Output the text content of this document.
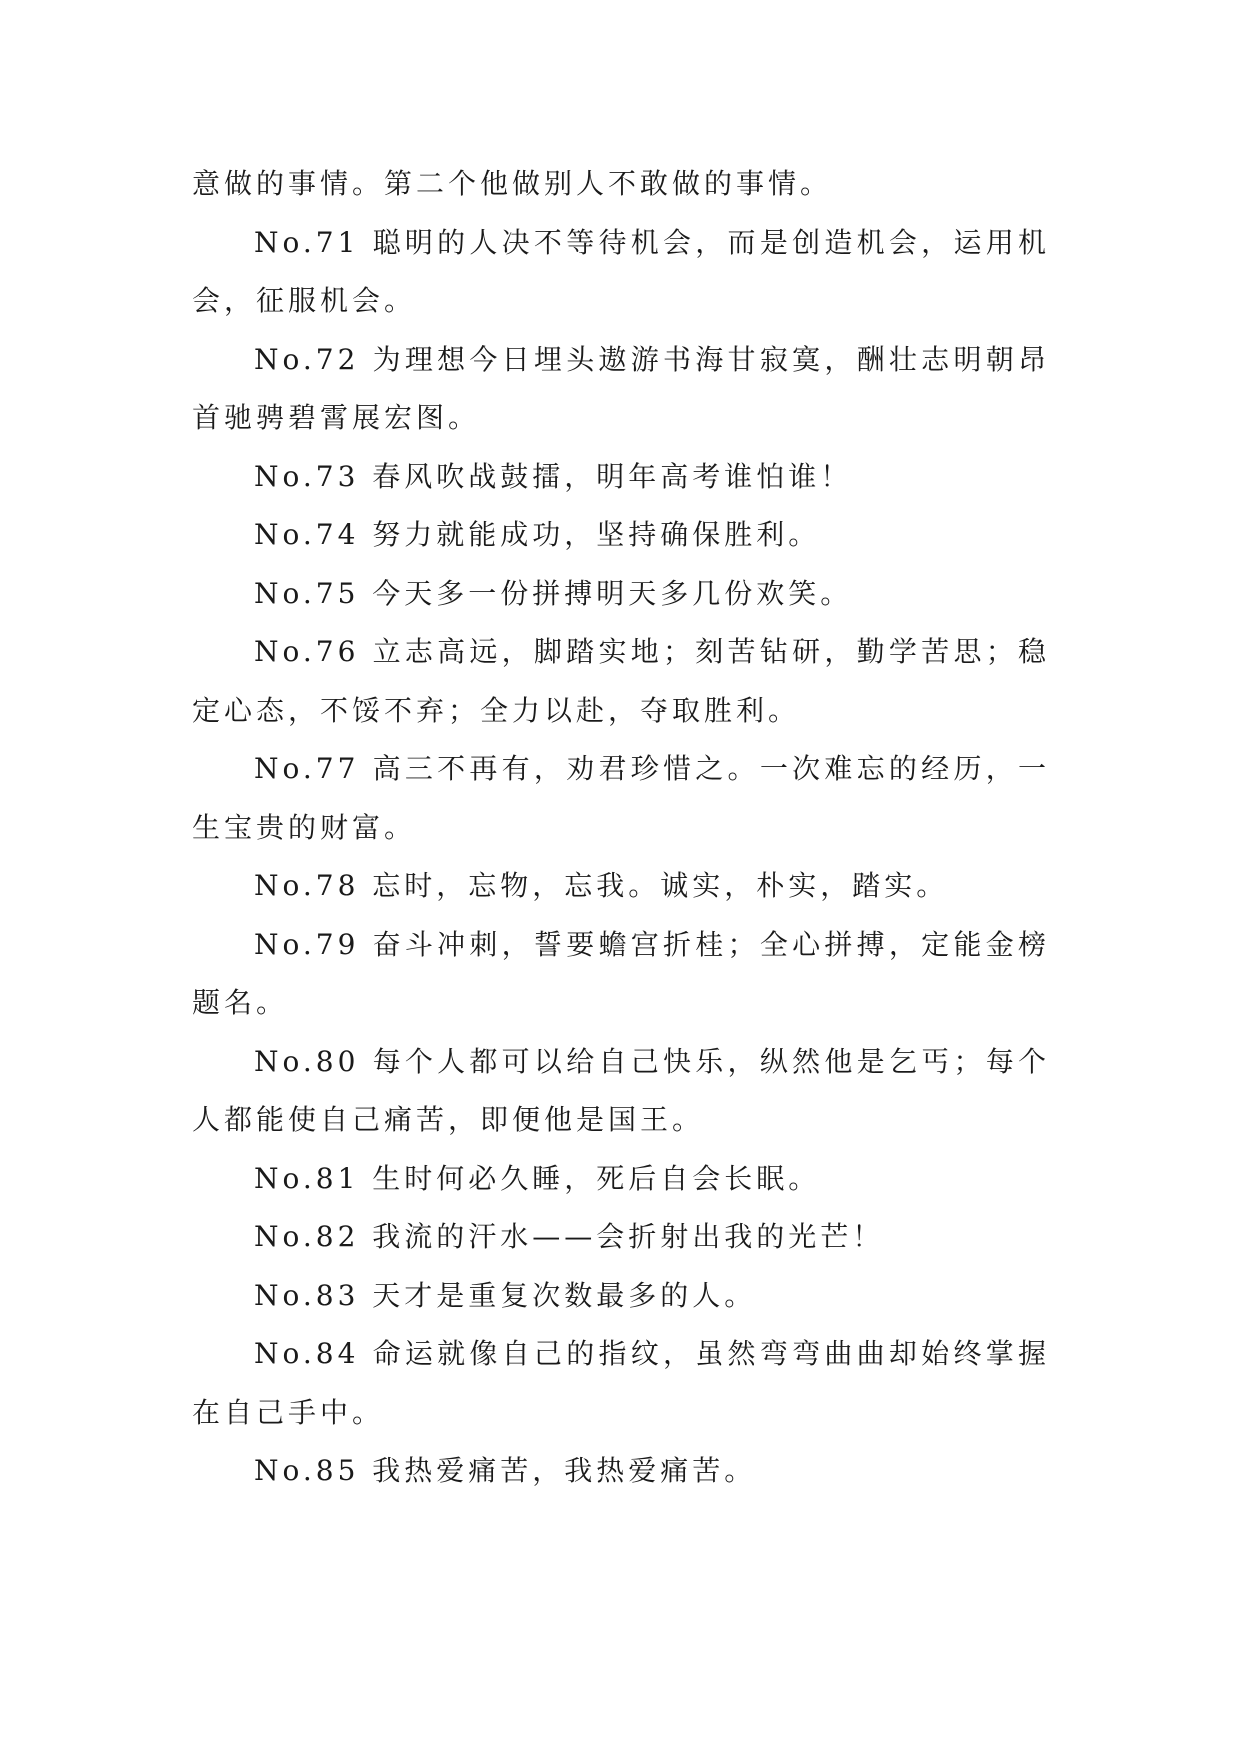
意做的事情。第二个他做别人不敢做的事情。

No.71 聪明的人决不等待机会，而是创造机会，运用机会，征服机会。

No.72 为理想今日埋头遨游书海甘寂寞，酬壮志明朝昂首驰骋碧霄展宏图。

No.73 春风吹战鼓擂，明年高考谁怕谁！

No.74 努力就能成功，坚持确保胜利。

No.75 今天多一份拼搏明天多几份欢笑。

No.76 立志高远，脚踏实地；刻苦钻研，勤学苦思；稳定心态，不馁不弃；全力以赴，夺取胜利。

No.77 高三不再有，劝君珍惜之。一次难忘的经历，一生宝贵的财富。

No.78 忘时，忘物，忘我。诚实，朴实，踏实。

No.79 奋斗冲刺，誓要蟾宫折桂；全心拼搏，定能金榜题名。

No.80 每个人都可以给自己快乐，纵然他是乞丐；每个人都能使自己痛苦，即便他是国王。

No.81 生时何必久睡，死后自会长眠。

No.82 我流的汗水——会折射出我的光芒！

No.83 天才是重复次数最多的人。

No.84 命运就像自己的指纹，虽然弯弯曲曲却始终掌握在自己手中。

No.85 我热爱痛苦，我热爱痛苦。
